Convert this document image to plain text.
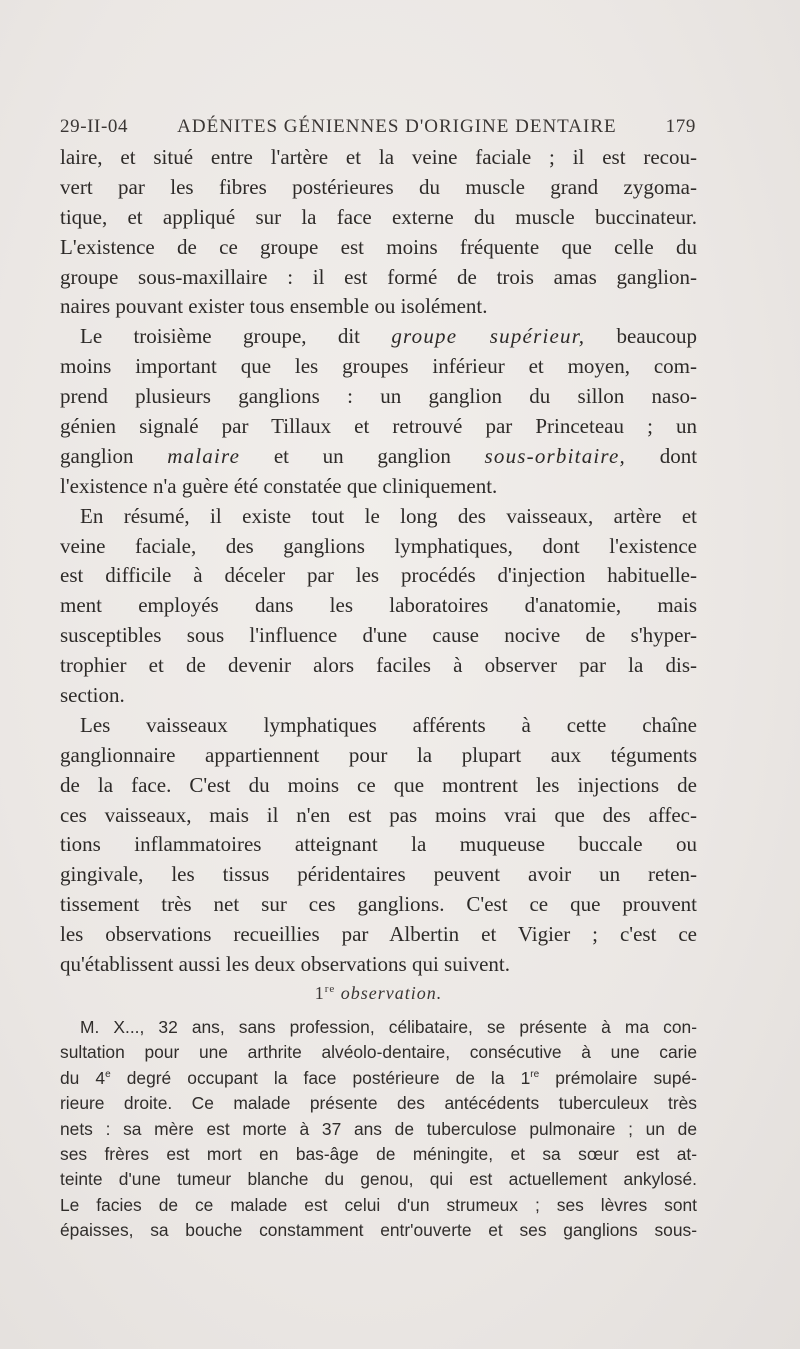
29-II-04	ADÉNITES GÉNIENNES D'ORIGINE DENTAIRE	179
laire, et situé entre l'artère et la veine faciale ; il est recou-
vert par les fibres postérieures du muscle grand zygoma-
tique, et appliqué sur la face externe du muscle buccinateur.
L'existence de ce groupe est moins fréquente que celle du
groupe sous-maxillaire : il est formé de trois amas ganglion-
naires pouvant exister tous ensemble ou isolément.
Le troisième groupe, dit groupe supérieur, beaucoup
moins important que les groupes inférieur et moyen, com-
prend plusieurs ganglions : un ganglion du sillon naso-
génien signalé par Tillaux et retrouvé par Princeteau ; un
ganglion malaire et un ganglion sous-orbitaire, dont
l'existence n'a guère été constatée que cliniquement.
En résumé, il existe tout le long des vaisseaux, artère et
veine faciale, des ganglions lymphatiques, dont l'existence
est difficile à déceler par les procédés d'injection habituelle-
ment employés dans les laboratoires d'anatomie, mais
susceptibles sous l'influence d'une cause nocive de s'hyper-
trophier et de devenir alors faciles à observer par la dis-
section.
Les vaisseaux lymphatiques afférents à cette chaîne
ganglionnaire appartiennent pour la plupart aux téguments
de la face. C'est du moins ce que montrent les injections de
ces vaisseaux, mais il n'en est pas moins vrai que des affec-
tions inflammatoires atteignant la muqueuse buccale ou
gingivale, les tissus péridentaires peuvent avoir un reten-
tissement très net sur ces ganglions. C'est ce que prouvent
les observations recueillies par Albertin et Vigier ; c'est ce
qu'établissent aussi les deux observations qui suivent.
1re observation.
M. X..., 32 ans, sans profession, célibataire, se présente à ma con-
sultation pour une arthrite alvéolo-dentaire, consécutive à une carie
du 4e degré occupant la face postérieure de la 1re prémolaire supé-
rieure droite. Ce malade présente des antécédents tuberculeux très
nets : sa mère est morte à 37 ans de tuberculose pulmonaire ; un de
ses frères est mort en bas-âge de méningite, et sa sœur est at-
teinte d'une tumeur blanche du genou, qui est actuellement ankylosé.
Le facies de ce malade est celui d'un strumeux ; ses lèvres sont
épaisses, sa bouche constamment entr'ouverte et ses ganglions sous-
